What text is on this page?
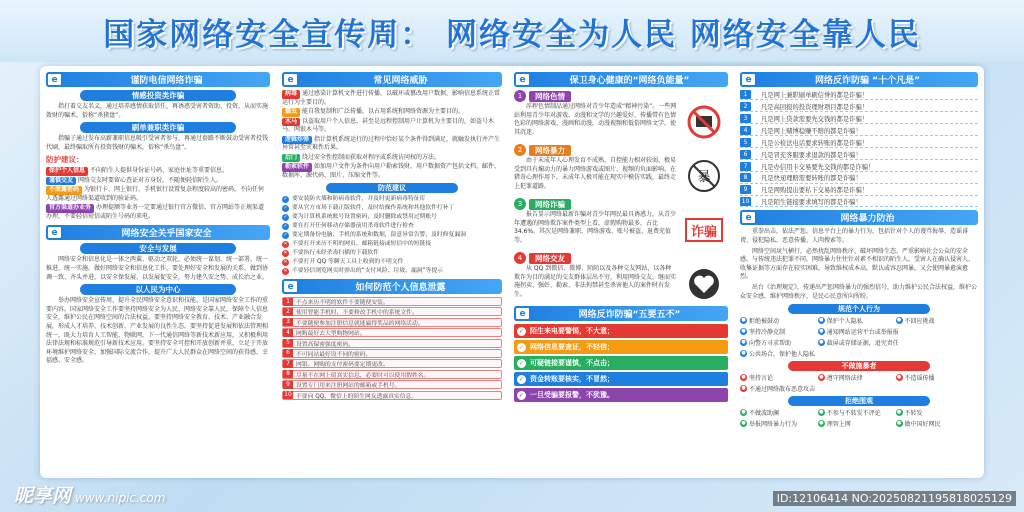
国家网络安全宣传周： 网络安全为人民 网络安全靠人民
e	谨防电信网络诈骗
情感投资类诈骗

指打着交友名义，通过培养感情获取信任，再诱惑受害者资助、投资，从而实施敛财的骗术，俗称“杀猪盘”。

刷单兼职类诈骗

指骗子通过发布高薪兼职信息吸引受害者参与，再通过套路不断鼓动受害者投钱代刷，最终骗取所有投资钱财的骗术，俗称“杀鸟盘”。

防护建议：
保护个人信息 不向陌生人提供身份证号码、家庭住址等重要信息。
谨慎交友 网络交友时要留心查证对方身份，不随便轻信陌生人。
不泄露密码 为银行卡、网上银行、手机银行设置复杂程度较高的密码，不向任何人透露通过网络渠道收到的验证码。
官方渠道办业务 办理提额等业务一定要通过银行官方微信、官方网站等正规渠道办理，不要轻信短信或陌生号码的来电。
e	网络安全关乎国家安全
安全与发展

网络安全和信息化是一体之两翼、驱动之双轮，必须统一谋划、统一部署、统一推进、统一实施。做好网络安全和信息化工作，要处理好安全和发展的关系，做到协调一致、齐头并进，以安全保发展、以发展促安全，努力建久安之势、成长治之业。

以人民为中心

举办网络安全宣传周、提升全民网络安全意识和技能，是国家网络安全工作的重要内容。国家网络安全工作要坚持网络安全为人民、网络安全靠人民，保障个人信息安全，维护公民在网络空间的合法权益。要坚持网络安全教育、技术、产业融合发展，形成人才培养、技术创新、产业发展的良性生态。要坚持促进发展和依法管理相统一，既大力培育人工智能、物联网、下一代通信网络等新技术新应用，又积极利用法律法规和标准规范引导新技术应用。要坚持安全可控和开放创新并重，立足于开放环境维护网络安全，加强国际交流合作，提升广大人民群众在网络空间的获得感、幸福感、安全感。

e	常见网络威胁
病毒 通过感染计算机文件进行传播，以破坏或篡改用户数据，影响信息系统正常运行为主要目的。
蠕虫 能自我复制和广泛传播，以占用系统和网络资源为主要目的。
木马 以盗取用户个人信息，甚至是远程控制用户计算机为主要目的，如盗号木马、网银木马等。
逻辑炸弹 指计算机系统运行的过程中恰好某个条件得到满足，就触发执行并产生异常甚至灾难性后果。
后门 绕过安全性控制而获取对程序或系统访问权的方法。
勒索软件 如加用户文件为条件向用户勒索钱财，用户数据资产包括文档、邮件、数据库、源代码、图片、压缩文件等。
防范建议
✓ 要安装防火墙和防病毒软件，并及时更新病毒特征库
✓ 要从官方市场下载正版软件，及时给操作系统和其他软件打补丁
✓ 要为计算机系统账号设置密码，及时删除或禁用过期账号
✓ 要在打开任何移动存储器前用杀毒软件进行检查
✓ 要定期备份电脑、手机的系统和数据，留意异常告警，及时修复漏洞
✕ 不要打开来历不明的网页、邮箱链接或短信中的短链接
✕ 不要执行未经杀毒扫描的下载软件
✕ 不要打开 QQ 等聊天工具上收到的不明文件
✕ 不要轻信浏览网页时弹出的“支付风险、垃圾、漏洞”等提示
e	如何防范个人信息泄露
1	不点来历不明的软件不要随便安装。
2	使用智能手机时，不要修改手机中的系统文件。
3	不要随便参加注册信息就能赢得奖品的网络活动。
4	网购最好去大型购物网站。
5	设置高保密强度密码。
6	不可同站最好设不同的密码。
7	网银、网购的支付密码要定期更改。
8	尽量不在网上留真实信息，必要时可以使用假姓名。
9	设置专门用来注册网站的邮箱或手机号。
10 不要向 QQ、微信上的陌生网友透露真实信息。
e	保卫身心健康的“网络负能量”
1	网络色情

淫秽色情制品通过网络对青少年造成“精神污染”。一些网站利用青少年对游戏、动漫和文学的兴趣爱好，传播带有色情色彩的网络游戏、漫画和动漫，动漫视频和低俗网络文学，使其沉迷。

2	网络暴力

由于未成年人心理发育不成熟，自控能力相对较弱，极易受到具有煽动力的暴力网络游戏或图片、视频的负面影响。在猎奇心理作用下，未成年人极可能在现实中模仿实践，最终走上犯罪道路。

暴
3	网络诈骗

报告显示网络最新诈骗对青少年网民最具诱惑力，从青少年遭遇的网络欺诈案件类型上看，虚假购物最多，占比 34.6%。其次是网络兼职、网络游戏、账号被盗、退费充值等。

诈骗
4	网络交友

从 QQ 到微信、微博、陌陌以及各种交友网站，以各种欺诈为目的满足的交友群体层出不穷，利用网络交友，继而实施拐卖、强奸、勒索、非法拘禁甚至杀害他人的案件时有发生。

e	网络反诈防骗“五要五不”
✓ 陌生来电要警惕，不大意；
✓ 网络信息要查证，不轻信；
✓ 可疑链接要谨慎，不点击；
✓ 资金转账要核实，不冒然；
✓ 一旦受骗要报警，不犹豫。
e	网络反诈防骗 “十个凡是”
1	凡是网上兼职刷单刷信誉的都是诈骗！
2	凡是高回报的投资理财项目都是诈骗！
3	凡是网上贷款需要先交钱的都是诈骗！
4	凡是网上赌博稳赚不赔的都是诈骗！
5	凡是公检法电话要求转账的都是诈骗！
6	凡是冒充客服要求退款的都是诈骗！
7	凡是办信用卡交易要先交钱的都是诈骗！
8	凡是快递理赔需要转账的都是诈骗！
9	凡是网购提出要私下交易的都是诈骗！
10	凡是陌生链接要求填写的都是诈骗！
e	网络暴力防治

重拳出击，依法严惩。信息平台上的暴力行为，包括针对个人的谩骂侮辱、造谣诽谤、侵犯隐私、恶意传播、人肉搜索等。

网络空间戾气横行，必然扰乱网络秩序，破坏网络生态，严重影响社会公众的安全感。与传统违法犯罪不同，网络暴力往往针对素不相识的陌生人，受害人在确认侵害人、收集证据等方面存在较实困难，导致维权成本高，默认或容忍网暴，又会使网暴愈演愈烈。

出台《治理规定》，传递出严惩网络暴力的强烈信号，助力维护公民合法权益，维护公众安全感，维护网络秩序，是民心民意所向所盼。

规范个人行为
● 拒绝被鼓动	● 保护个人隐私	● 不回应挑战
● 坚持冷静克制	● 通知网站运营平台或举报报
● 向警方寻求帮助	● 截屏或存储证据，追究责任
● 公共场合，保护他人隐私
不做施暴者
● 坚持言论	● 遵守网络法律	● 不造谣传播
● 不通过网络散布恶意攻击
拒绝围观
● 不做波助澜	● 不参与不转发不评论	● 不转发
● 举报网络暴力行为	● 理智上网	● 做中国好网民
昵享网 www.nipic.com	ID:12106414 NO:20250821195818025129
